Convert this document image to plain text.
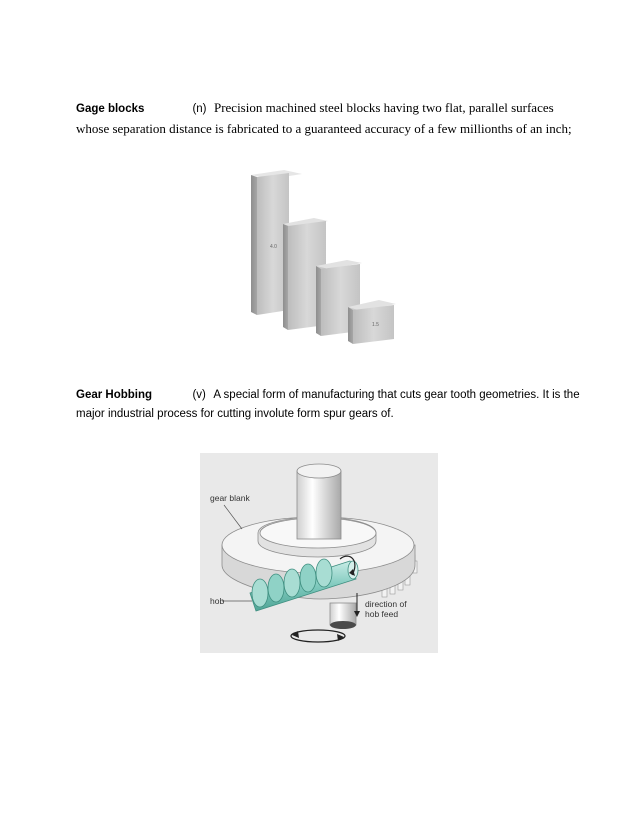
Gage blocks	(n) Precision machined steel blocks having two flat, parallel surfaces
whose separation distance is fabricated to a guaranteed accuracy of a few millionths of an inch;
4.0
1.5
Gear Hobbing	(v) A special form of manufacturing that cuts gear tooth geometries. It is the
major industrial process for cutting involute form spur gears of.
gear blank
hob	direction of
hob feed
